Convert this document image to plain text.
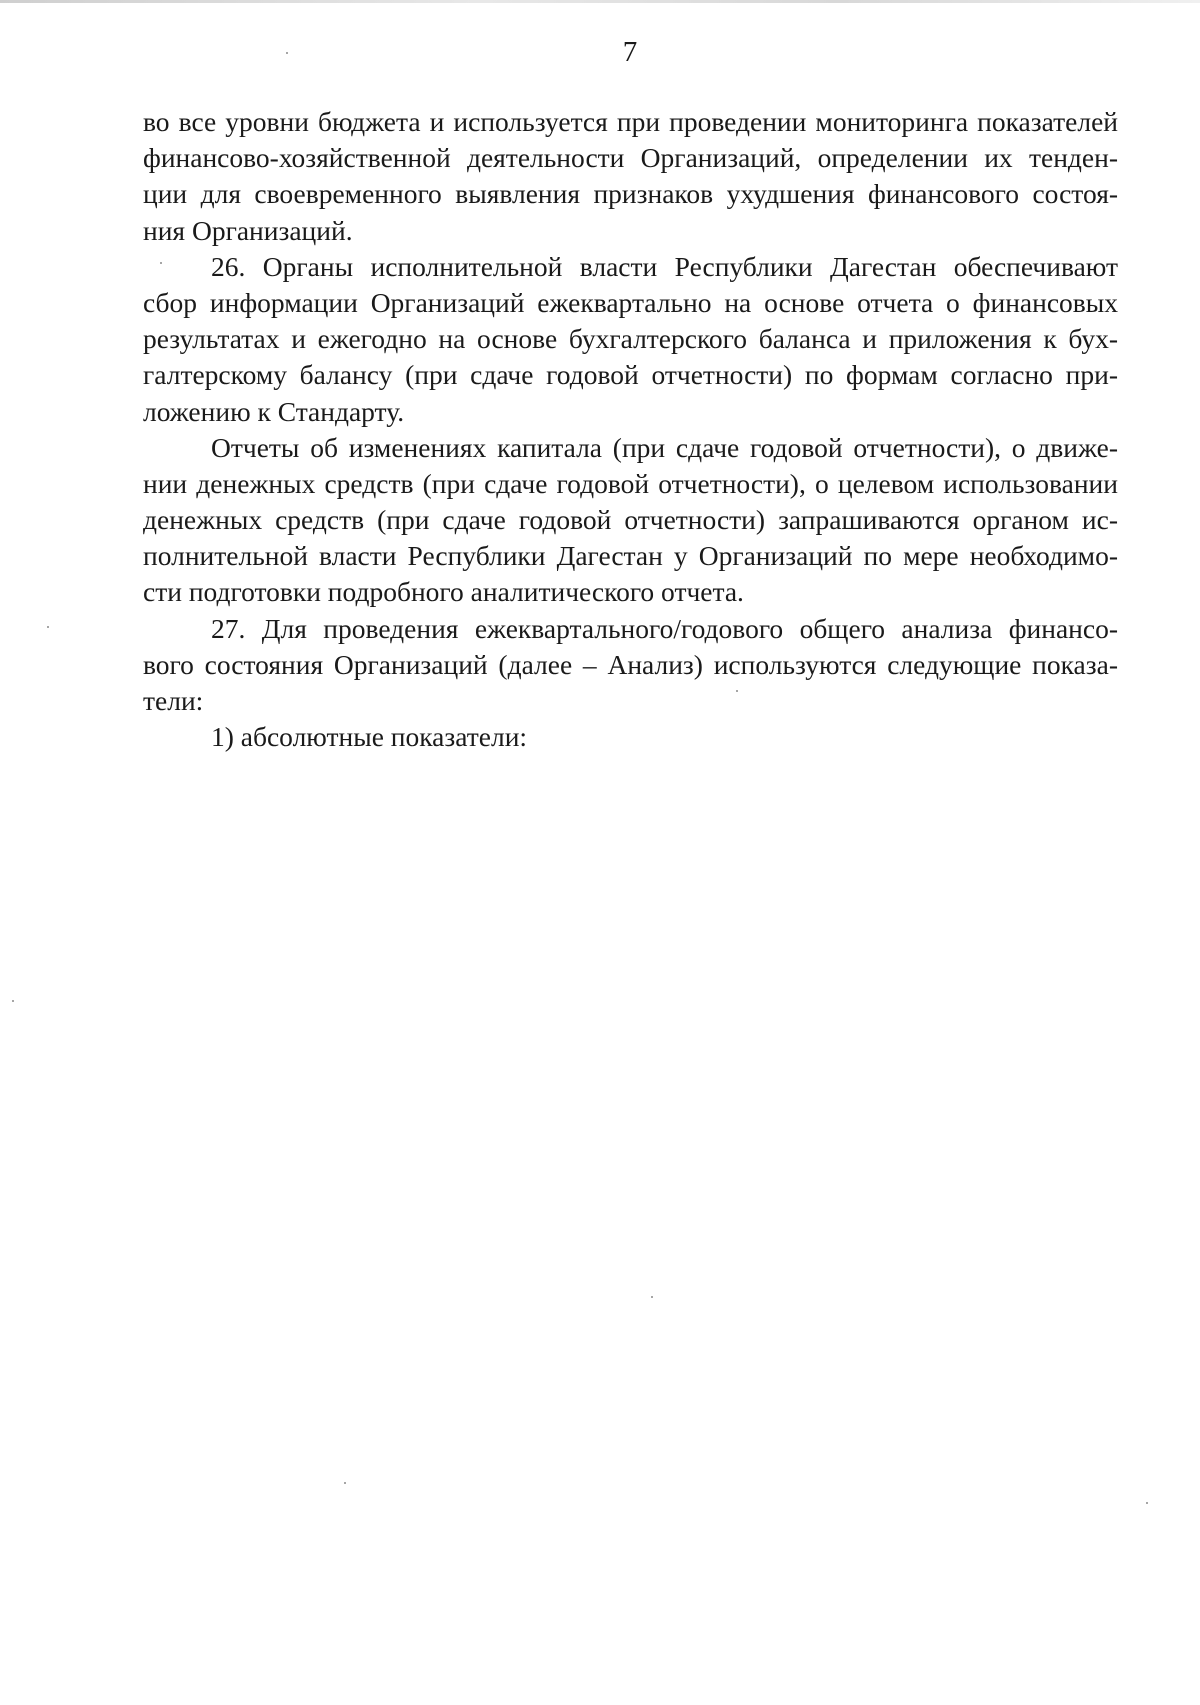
7
во все уровни бюджета и используется при проведении мониторинга показателей
финансово-хозяйственной деятельности Организаций, определении их тенден-
ции для своевременного выявления признаков ухудшения финансового состоя-
ния Организаций.
26. Органы исполнительной власти Республики Дагестан обеспечивают
сбор информации Организаций ежеквартально на основе отчета о финансовых
результатах и ежегодно на основе бухгалтерского баланса и приложения к бух-
галтерскому балансу (при сдаче годовой отчетности) по формам согласно при-
ложению к Стандарту.
Отчеты об изменениях капитала (при сдаче годовой отчетности), о движе-
нии денежных средств (при сдаче годовой отчетности), о целевом использовании
денежных средств (при сдаче годовой отчетности) запрашиваются органом ис-
полнительной власти Республики Дагестан у Организаций по мере необходимо-
сти подготовки подробного аналитического отчета.
27. Для проведения ежеквартального/годового общего анализа финансо-
вого состояния Организаций (далее – Анализ) используются следующие показа-
тели:
1) абсолютные показатели:
